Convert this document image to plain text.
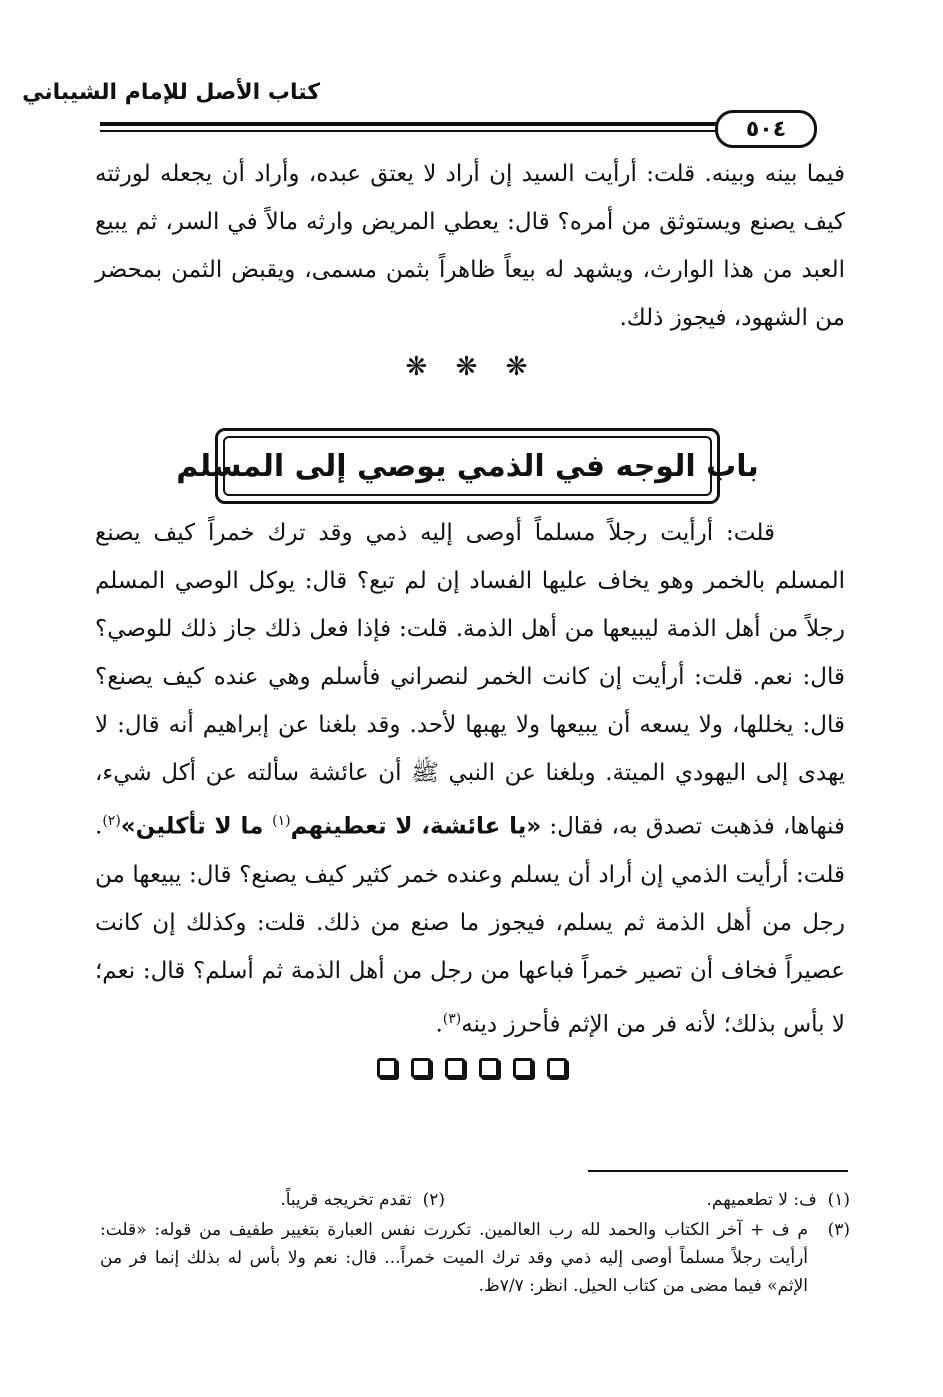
كتاب الأصل للإمام الشيباني
٥٠٤
فيما بينه وبينه. قلت: أرأيت السيد إن أراد لا يعتق عبده، وأراد أن يجعله لورثته كيف يصنع ويستوثق من أمره؟ قال: يعطي المريض وارثه مالاً في السر، ثم يبيع العبد من هذا الوارث، ويشهد له بيعاً ظاهراً بثمن مسمى، ويقبض الثمن بمحضر من الشهود، فيجوز ذلك.
❋ ❋ ❋
باب الوجه في الذمي يوصي إلى المسلم
قلت: أرأيت رجلاً مسلماً أوصى إليه ذمي وقد ترك خمراً كيف يصنع المسلم بالخمر وهو يخاف عليها الفساد إن لم تبع؟ قال: يوكل الوصي المسلم رجلاً من أهل الذمة ليبيعها من أهل الذمة. قلت: فإذا فعل ذلك جاز ذلك للوصي؟ قال: نعم. قلت: أرأيت إن كانت الخمر لنصراني فأسلم وهي عنده كيف يصنع؟ قال: يخللها، ولا يسعه أن يبيعها ولا يهبها لأحد. وقد بلغنا عن إبراهيم أنه قال: لا يهدى إلى اليهودي الميتة. وبلغنا عن النبي ﷺ أن عائشة سألته عن أكل شيء، فنهاها، فذهبت تصدق به، فقال: «يا عائشة، لا تعطينهم$^{(١)}$ ما لا تأكلين»$^{(٢)}$. قلت: أرأيت الذمي إن أراد أن يسلم وعنده خمر كثير كيف يصنع؟ قال: يبيعها من رجل من أهل الذمة ثم يسلم، فيجوز ما صنع من ذلك. قلت: وكذلك إن كانت عصيراً فخاف أن تصير خمراً فباعها من رجل من أهل الذمة ثم أسلم؟ قال: نعم؛ لا بأس بذلك؛ لأنه فر من الإثم فأحرز دينه$^{(٣)}$.
(١)  ف: لا تطعميهم.
(٢)  تقدم تخريجه قريباً.
(٣)
م ف + آخر الكتاب والحمد لله رب العالمين. تكررت نفس العبارة بتغيير طفيف من قوله: «قلت: أرأيت رجلاً مسلماً أوصى إليه ذمي وقد ترك الميت خمراً... قال: نعم ولا بأس له بذلك إنما فر من الإثم» فيما مضى من كتاب الحيل. انظر: ٧/٧ظ.
